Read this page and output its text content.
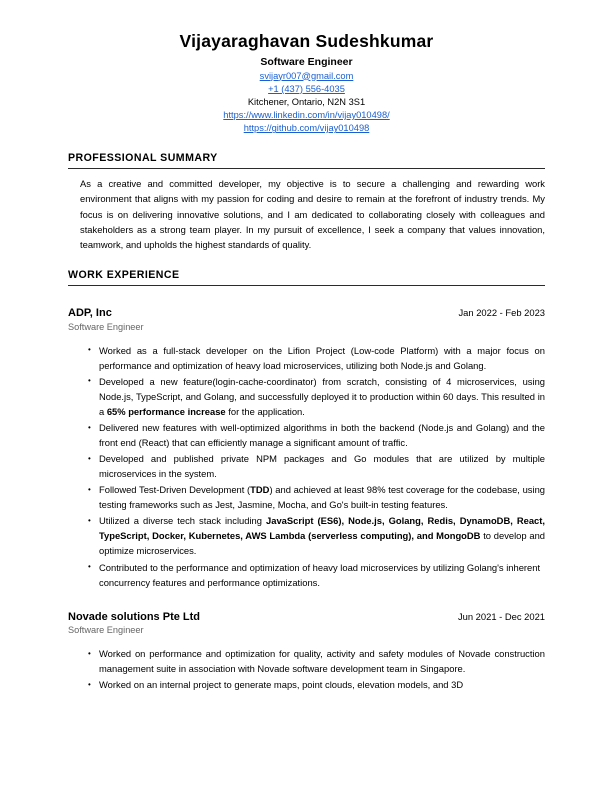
Vijayaraghavan Sudeshkumar
Software Engineer
svijayr007@gmail.com
+1 (437) 556-4035
Kitchener, Ontario, N2N 3S1
https://www.linkedin.com/in/vijay010498/
https://github.com/vijay010498
PROFESSIONAL SUMMARY

As a creative and committed developer, my objective is to secure a challenging and rewarding work environment that aligns with my passion for coding and desire to remain at the forefront of industry trends. My focus is on delivering innovative solutions, and I am dedicated to collaborating closely with colleagues and stakeholders as a strong team player. In my pursuit of excellence, I seek a company that values innovation, teamwork, and upholds the highest standards of quality.

WORK EXPERIENCE
ADP, Inc	Jan 2022 - Feb 2023
Software Engineer
• Worked as a full-stack developer on the Lifion Project (Low-code Platform) with a major focus on performance and optimization of heavy load microservices, utilizing both Node.js and Golang.
• Developed a new feature(login-cache-coordinator) from scratch, consisting of 4 microservices, using Node.js, TypeScript, and Golang, and successfully deployed it to production within 60 days. This resulted in a 65% performance increase for the application.
• Delivered new features with well-optimized algorithms in both the backend (Node.js and Golang) and the front end (React) that can efficiently manage a significant amount of traffic.
• Developed and published private NPM packages and Go modules that are utilized by multiple microservices in the system.
• Followed Test-Driven Development (TDD) and achieved at least 98% test coverage for the codebase, using testing frameworks such as Jest, Jasmine, Mocha, and Go's built-in testing features.
• Utilized a diverse tech stack including JavaScript (ES6), Node.js, Golang, Redis, DynamoDB, React, TypeScript, Docker, Kubernetes, AWS Lambda (serverless computing), and MongoDB to develop and optimize microservices.
• Contributed to the performance and optimization of heavy load microservices by utilizing Golang's inherent concurrency features and performance optimizations.
Novade solutions Pte Ltd	Jun 2021 - Dec 2021
Software Engineer
• Worked on performance and optimization for quality, activity and safety modules of Novade construction management suite in association with Novade software development team in Singapore.
• Worked on an internal project to generate maps, point clouds, elevation models, and 3D
